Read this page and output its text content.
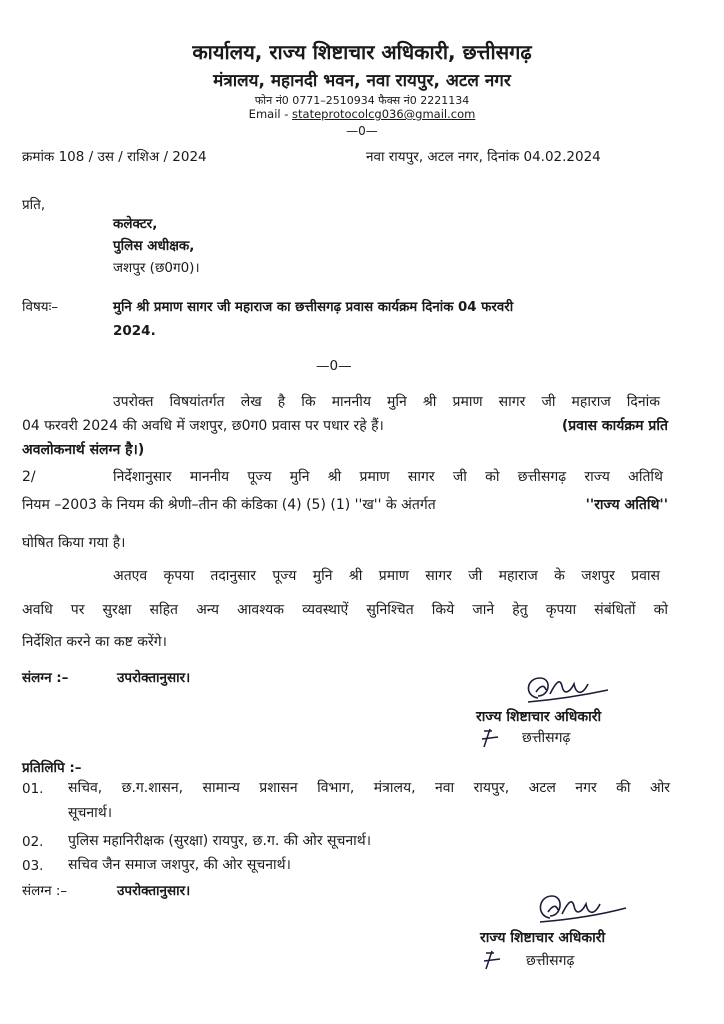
कार्यालय, राज्य शिष्टाचार अधिकारी, छत्तीसगढ़
मंत्रालय, महानदी भवन, नवा रायपुर, अटल नगर
फोन नं0 0771–2510934 फैक्स नं0 2221134
Email - stateprotocolcg036@gmail.com
—0—
क्रमांक 108 / उस / राशिअ / 2024	नवा रायपुर, अटल नगर, दिनांक 04.02.2024
प्रति,
कलेक्टर,
पुलिस अधीक्षक,
जशपुर (छ0ग0)।
विषयः–	मुनि श्री प्रमाण सागर जी महाराज का छत्तीसगढ़ प्रवास कार्यक्रम दिनांक 04 फरवरी
2024.
—0—
उपरोक्त विषयांतर्गत लेख है कि माननीय मुनि श्री प्रमाण सागर जी महाराज दिनांक
04 फरवरी 2024 की अवधि में जशपुर, छ0ग0 प्रवास पर पधार रहे हैं।	(प्रवास कार्यक्रम प्रति
अवलोकनार्थ संलग्न है।)
2/	निर्देशानुसार माननीय पूज्य मुनि श्री प्रमाण सागर जी को छत्तीसगढ़ राज्य अतिथि
नियम –2003 के नियम की श्रेणी–तीन की कंडिका (4) (5) (1) ''ख'' के अंतर्गत	''राज्य अतिथि''
घोषित किया गया है।
अतएव कृपया तदानुसार पूज्य मुनि श्री प्रमाण सागर जी महाराज के जशपुर प्रवास
अवधि पर सुरक्षा सहित अन्य आवश्यक व्यवस्थाऐं सुनिश्चित किये जाने हेतु कृपया संबंधितों को
निर्देशित करने का कष्ट करेंगे।
संलग्न :–	उपरोक्तानुसार।
राज्य शिष्टाचार अधिकारी
छत्तीसगढ़
प्रतिलिपि :–
01. सचिव, छ.ग.शासन, सामान्य प्रशासन विभाग, मंत्रालय, नवा रायपुर, अटल नगर की ओर
सूचनार्थ।
02. पुलिस महानिरीक्षक (सुरक्षा) रायपुर, छ.ग. की ओर सूचनार्थ।
03. सचिव जैन समाज जशपुर, की ओर सूचनार्थ।
संलग्न :–	उपरोक्तानुसार।
राज्य शिष्टाचार अधिकारी
छत्तीसगढ़
